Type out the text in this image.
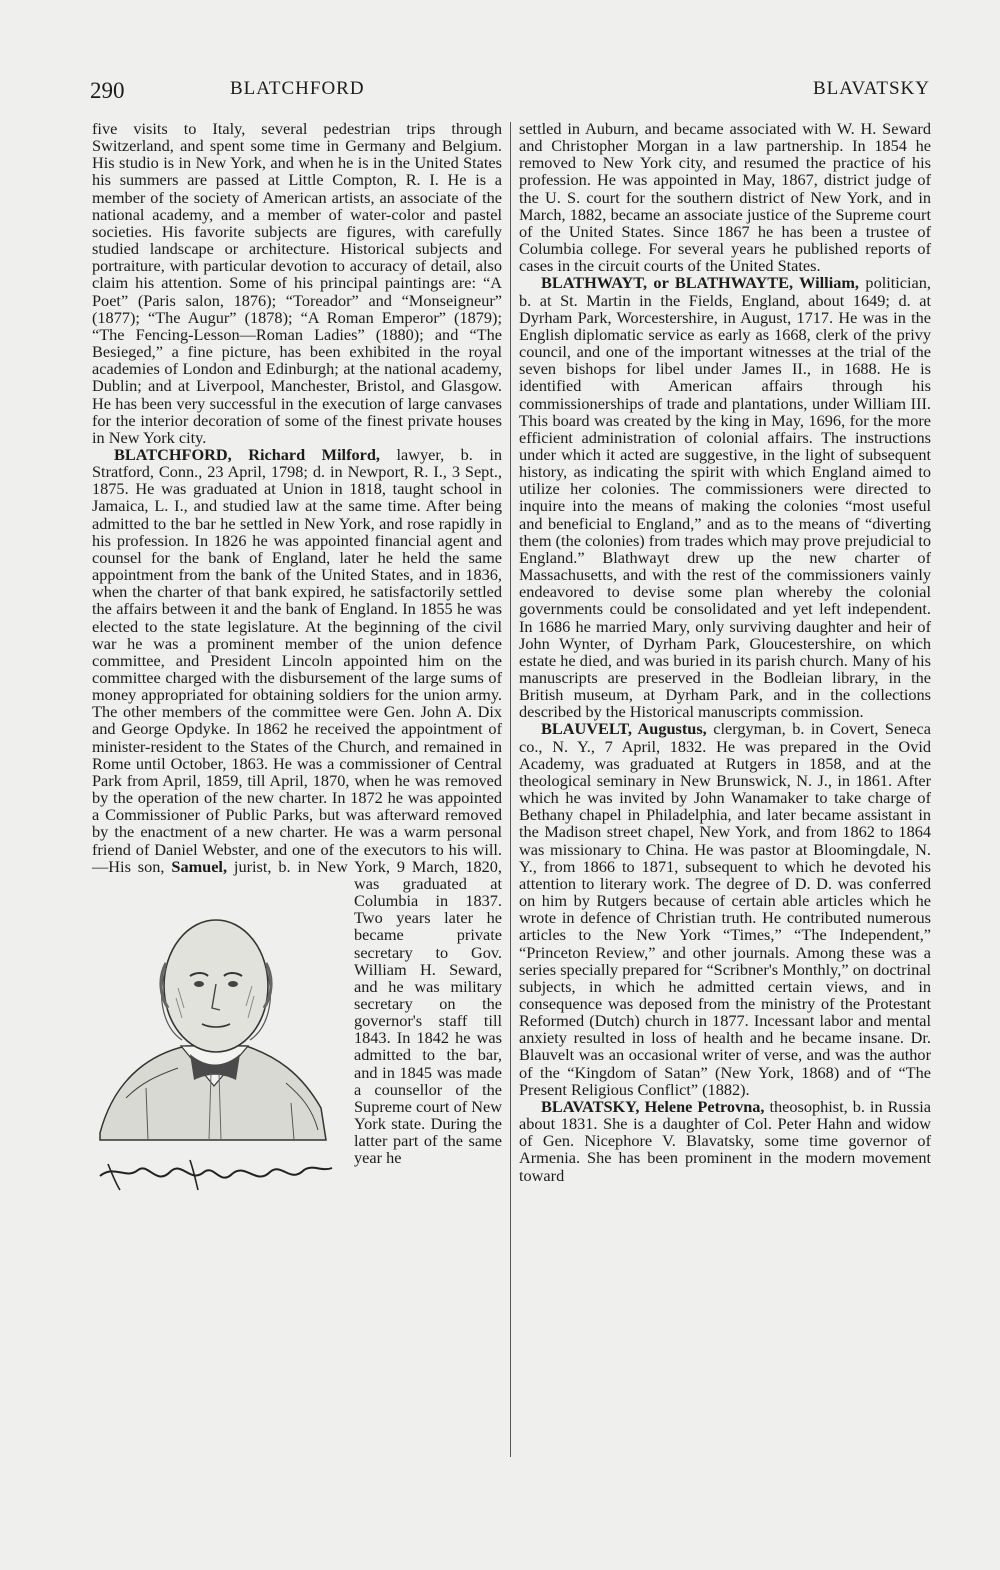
290	BLATCHFORD	BLAVATSKY

five visits to Italy, several pedestrian trips through Switzerland, and spent some time in Germany and Belgium. His studio is in New York, and when he is in the United States his summers are passed at Little Compton, R. I. He is a member of the society of American artists, an associate of the national academy, and a member of water-color and pastel societies. His favorite subjects are figures, with carefully studied landscape or architecture. Historical subjects and portraiture, with particular devotion to accuracy of detail, also claim his attention. Some of his principal paintings are: “A Poet” (Paris salon, 1876); “Toreador” and “Monseigneur” (1877); “The Augur” (1878); “A Roman Emperor” (1879); “The Fencing-Lesson—Roman Ladies” (1880); and “The Besieged,” a fine picture, has been exhibited in the royal academies of London and Edinburgh; at the national academy, Dublin; and at Liverpool, Manchester, Bristol, and Glasgow. He has been very successful in the execution of large canvases for the interior decoration of some of the finest private houses in New York city.

BLATCHFORD, Richard Milford, lawyer, b. in Stratford, Conn., 23 April, 1798; d. in Newport, R. I., 3 Sept., 1875. He was graduated at Union in 1818, taught school in Jamaica, L. I., and studied law at the same time. After being admitted to the bar he settled in New York, and rose rapidly in his profession. In 1826 he was appointed financial agent and counsel for the bank of England, later he held the same appointment from the bank of the United States, and in 1836, when the charter of that bank expired, he satisfactorily settled the affairs between it and the bank of England. In 1855 he was elected to the state legislature. At the beginning of the civil war he was a prominent member of the union defence committee, and President Lincoln appointed him on the committee charged with the disbursement of the large sums of money appropriated for obtaining soldiers for the union army. The other members of the committee were Gen. John A. Dix and George Opdyke. In 1862 he received the appointment of minister-resident to the States of the Church, and remained in Rome until October, 1863. He was a commissioner of Central Park from April, 1859, till April, 1870, when he was removed by the operation of the new charter. In 1872 he was appointed a Commissioner of Public Parks, but was afterward removed by the enactment of a new charter. He was a warm personal friend of Daniel Webster, and one of the executors to his will.—His son,
Samuel, jurist, b. in New York, 9 March, 1820, was graduated at Columbia in 1837. Two years later he became private secretary to Gov. William H. Seward, and he was military secretary on the governor's staff till 1843. In 1842 he was admitted to the bar, and in 1845 was made a counsellor of the Supreme court of New York state. During the latter part of the same year he

settled in Auburn, and became associated with W. H. Seward and Christopher Morgan in a law partnership. In 1854 he removed to New York city, and resumed the practice of his profession. He was appointed in May, 1867, district judge of the U. S. court for the southern district of New York, and in March, 1882, became an associate justice of the Supreme court of the United States. Since 1867 he has been a trustee of Columbia college. For several years he published reports of cases in the circuit courts of the United States.

BLATHWAYT, or BLATHWAYTE, William, politician, b. at St. Martin in the Fields, England, about 1649; d. at Dyrham Park, Worcestershire, in August, 1717. He was in the English diplomatic service as early as 1668, clerk of the privy council, and one of the important witnesses at the trial of the seven bishops for libel under James II., in 1688. He is identified with American affairs through his commissionerships of trade and plantations, under William III. This board was created by the king in May, 1696, for the more efficient administration of colonial affairs. The instructions under which it acted are suggestive, in the light of subsequent history, as indicating the spirit with which England aimed to utilize her colonies. The commissioners were directed to inquire into the means of making the colonies “most useful and beneficial to England,” and as to the means of “diverting them (the colonies) from trades which may prove prejudicial to England.” Blathwayt drew up the new charter of Massachusetts, and with the rest of the commissioners vainly endeavored to devise some plan whereby the colonial governments could be consolidated and yet left independent. In 1686 he married Mary, only surviving daughter and heir of John Wynter, of Dyrham Park, Gloucestershire, on which estate he died, and was buried in its parish church. Many of his manuscripts are preserved in the Bodleian library, in the British museum, at Dyrham Park, and in the collections described by the Historical manuscripts commission.

BLAUVELT, Augustus, clergyman, b. in Covert, Seneca co., N. Y., 7 April, 1832. He was prepared in the Ovid Academy, was graduated at Rutgers in 1858, and at the theological seminary in New Brunswick, N. J., in 1861. After which he was invited by John Wanamaker to take charge of Bethany chapel in Philadelphia, and later became assistant in the Madison street chapel, New York, and from 1862 to 1864 was missionary to China. He was pastor at Bloomingdale, N. Y., from 1866 to 1871, subsequent to which he devoted his attention to literary work. The degree of D. D. was conferred on him by Rutgers because of certain able articles which he wrote in defence of Christian truth. He contributed numerous articles to the New York “Times,” “The Independent,” “Princeton Review,” and other journals. Among these was a series specially prepared for “Scribner's Monthly,” on doctrinal subjects, in which he admitted certain views, and in consequence was deposed from the ministry of the Protestant Reformed (Dutch) church in 1877. Incessant labor and mental anxiety resulted in loss of health and he became insane. Dr. Blauvelt was an occasional writer of verse, and was the author of the “Kingdom of Satan” (New York, 1868) and of “The Present Religious Conflict” (1882).

BLAVATSKY, Helene Petrovna, theosophist, b. in Russia about 1831. She is a daughter of Col. Peter Hahn and widow of Gen. Nicephore V. Blavatsky, some time governor of Armenia. She has been prominent in the modern movement toward
